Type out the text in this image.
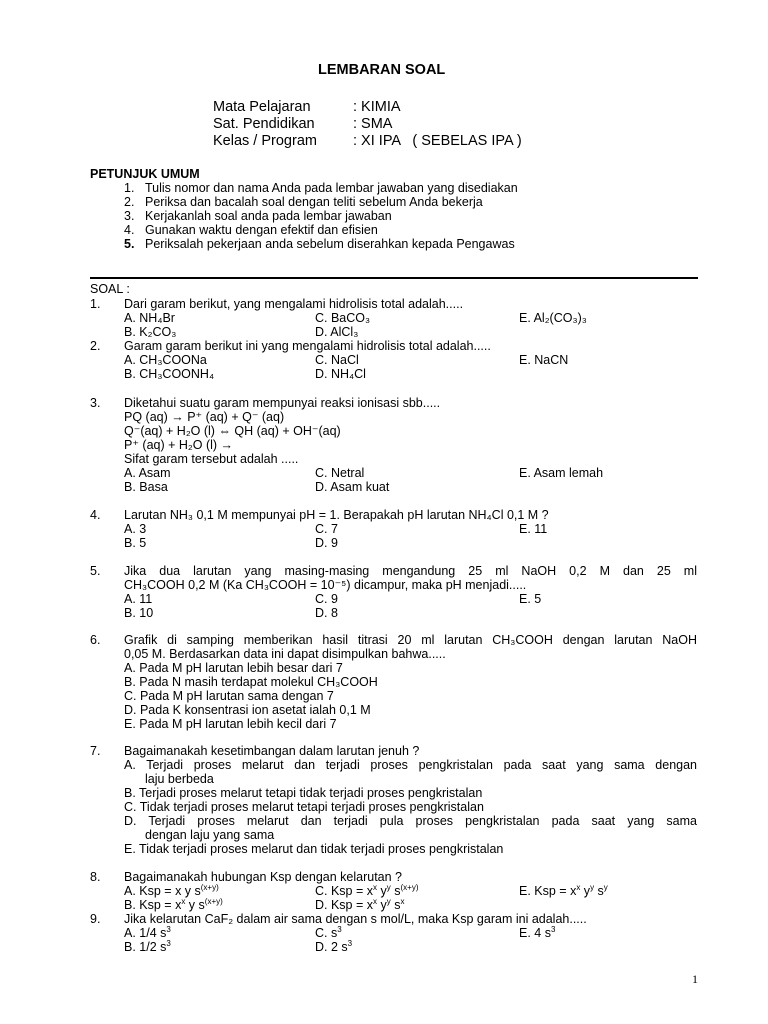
LEMBARAN SOAL
Mata Pelajaran	: KIMIA
Sat. Pendidikan	: SMA
Kelas / Program : XI IPA   ( SEBELAS IPA )
PETUNJUK UMUM
1. Tulis nomor dan nama Anda pada lembar jawaban yang disediakan
2. Periksa dan bacalah soal dengan teliti sebelum Anda bekerja
3. Kerjakanlah soal anda pada lembar jawaban
4. Gunakan waktu dengan efektif dan efisien
5. Periksalah pekerjaan anda sebelum diserahkan kepada Pengawas
SOAL :
1. Dari garam berikut, yang mengalami hidrolisis total adalah.....
A. NH₄Br	C. BaCO₃	E. Al₂(CO₃)₃
B. K₂CO₃	D. AlCl₃
2. Garam garam berikut ini yang mengalami hidrolisis total adalah.....
A. CH₃COONa	C. NaCl	E. NaCN
B. CH₃COONH₄	D. NH₄Cl
3. Diketahui suatu garam mempunyai reaksi ionisasi sbb.....
PQ (aq) → P⁺ (aq) + Q⁻ (aq)
Q⁻(aq) + H₂O (l) ⇔ QH (aq) + OH⁻(aq)
P⁺ (aq) + H₂O (l) →
Sifat garam tersebut adalah .....
A. Asam	C. Netral	E. Asam lemah
B. Basa	D. Asam kuat
4. Larutan NH₃ 0,1 M mempunyai pH = 1. Berapakah pH larutan NH₄Cl 0,1 M ?
A. 3	C. 7	E. 11
B. 5	D. 9
5. Jika dua larutan yang masing-masing mengandung 25 ml NaOH 0,2 M dan 25 ml
CH₃COOH 0,2 M (Ka CH₃COOH = 10⁻⁵) dicampur, maka pH menjadi.....
A. 11	C. 9	E. 5
B. 10	D. 8
6. Grafik di samping memberikan hasil titrasi 20 ml larutan CH₃COOH dengan larutan NaOH
0,05 M. Berdasarkan data ini dapat disimpulkan bahwa.....
A. Pada M pH larutan lebih besar dari 7
B. Pada N masih terdapat molekul CH₃COOH
C. Pada M pH larutan sama dengan 7
D. Pada K konsentrasi ion asetat ialah 0,1 M
E. Pada M pH larutan lebih kecil dari 7
7. Bagaimanakah kesetimbangan dalam larutan jenuh ?
A. Terjadi proses melarut dan terjadi proses pengkristalan pada saat yang sama dengan
laju berbeda
B. Terjadi proses melarut tetapi tidak terjadi proses pengkristalan
C. Tidak terjadi proses melarut tetapi terjadi proses pengkristalan
D. Terjadi proses melarut dan terjadi pula proses pengkristalan pada saat yang sama
dengan laju yang sama
E. Tidak terjadi proses melarut dan tidak terjadi proses pengkristalan
8. Bagaimanakah hubungan Ksp dengan kelarutan ?
A. Ksp = x y $s^{(x+y)}$	C. Ksp = $x^x$ $y^y$ $s^{(x+y)}$	E. Ksp = $x^x$ $y^y$ $s^y$
B. Ksp = $x^x$ y $s^{(x+y)}$	D. Ksp = $x^x$ $y^y$ $s^x$
9. Jika kelarutan CaF₂ dalam air sama dengan s mol/L, maka Ksp garam ini adalah.....
A. 1/4 $s^3$	C. $s^3$	E. 4 $s^3$
B. 1/2 $s^3$	D. 2 $s^3$
1
